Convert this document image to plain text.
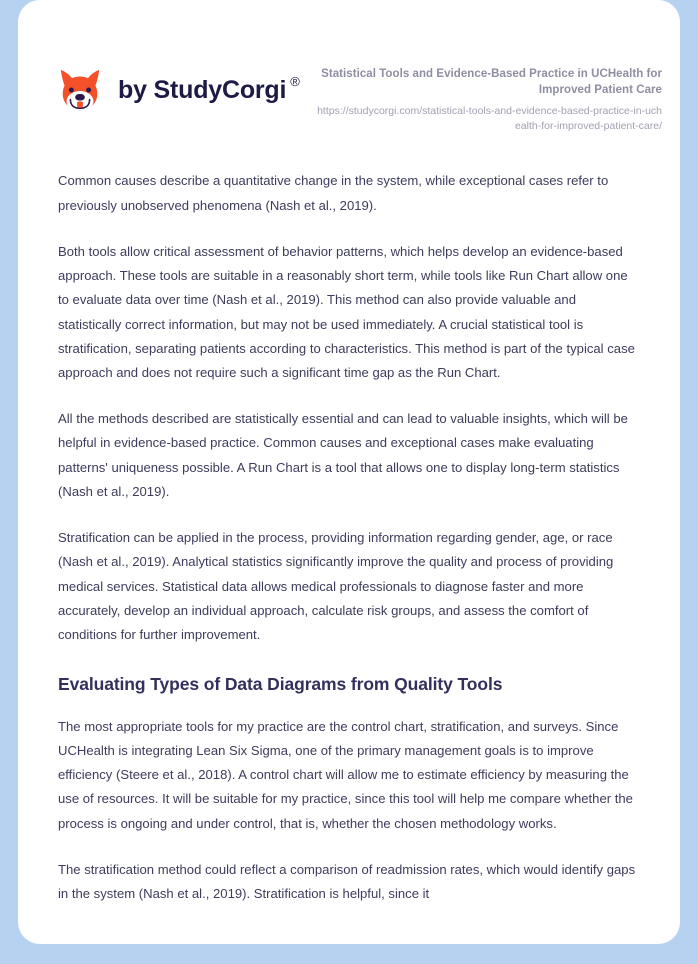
by StudyCorgi ®	Statistical Tools and Evidence-Based Practice in UCHealth for Improved Patient Care
https://studycorgi.com/statistical-tools-and-evidence-based-practice-in-uchealth-for-improved-patient-care/

Common causes describe a quantitative change in the system, while exceptional cases refer to previously unobserved phenomena (Nash et al., 2019).

Both tools allow critical assessment of behavior patterns, which helps develop an evidence-based approach. These tools are suitable in a reasonably short term, while tools like Run Chart allow one to evaluate data over time (Nash et al., 2019). This method can also provide valuable and statistically correct information, but may not be used immediately. A crucial statistical tool is stratification, separating patients according to characteristics. This method is part of the typical case approach and does not require such a significant time gap as the Run Chart.

All the methods described are statistically essential and can lead to valuable insights, which will be helpful in evidence-based practice. Common causes and exceptional cases make evaluating patterns' uniqueness possible. A Run Chart is a tool that allows one to display long-term statistics (Nash et al., 2019).

Stratification can be applied in the process, providing information regarding gender, age, or race (Nash et al., 2019). Analytical statistics significantly improve the quality and process of providing medical services. Statistical data allows medical professionals to diagnose faster and more accurately, develop an individual approach, calculate risk groups, and assess the comfort of conditions for further improvement.

Evaluating Types of Data Diagrams from Quality Tools

The most appropriate tools for my practice are the control chart, stratification, and surveys. Since UCHealth is integrating Lean Six Sigma, one of the primary management goals is to improve efficiency (Steere et al., 2018). A control chart will allow me to estimate efficiency by measuring the use of resources. It will be suitable for my practice, since this tool will help me compare whether the process is ongoing and under control, that is, whether the chosen methodology works.

The stratification method could reflect a comparison of readmission rates, which would identify gaps in the system (Nash et al., 2019). Stratification is helpful, since it
